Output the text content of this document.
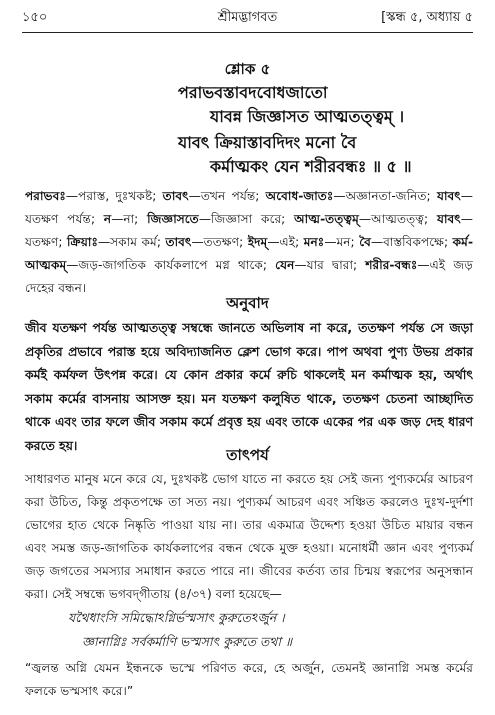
১৫০	শ্রীমদ্ভাগবত	[স্কন্ধ ৫, অধ্যায় ৫
শ্লোক ৫
পরাভবস্তাবদবোধজাতো
যাবন্ন জিজ্ঞাসত আত্মতত্ত্বম্ ।
যাবৎ ক্রিয়াস্তাবদিদং মনো বৈ
কর্মাত্মকং যেন শরীরবন্ধঃ ॥ ৫ ॥
পরাভবঃ—পরাস্ত, দুঃখকষ্ট; তাবৎ—তখন পর্যন্ত; অবোধ-জাতঃ—অজ্ঞানতা-জনিত; যাবৎ—যতক্ষণ পর্যন্ত; ন—না; জিজ্ঞাসতে—জিজ্ঞাসা করে; আত্ম-তত্ত্বম্—আত্মতত্ত্ব; যাবৎ—যতক্ষণ; ক্রিয়াঃ—সকাম কর্ম; তাবৎ—ততক্ষণ; ইদম্—এই; মনঃ—মন; বৈ—বাস্তবিকপক্ষে; কর্ম-আত্মকম্—জড়-জাগতিক কার্যকলাপে মগ্ন থাকে; যেন—যার দ্বারা; শরীর-বন্ধঃ—এই জড় দেহের বন্ধন।
অনুবাদ
জীব যতক্ষণ পর্যন্ত আত্মতত্ত্ব সম্বন্ধে জানতে অভিলাষ না করে, ততক্ষণ পর্যন্ত সে জড়া প্রকৃতির প্রভাবে পরাস্ত হয়ে অবিদ্যাজনিত ক্লেশ ভোগ করে। পাপ অথবা পুণ্য উভয় প্রকার কর্মই কর্মফল উৎপন্ন করে। যে কোন প্রকার কর্মে রুচি থাকলেই মন কর্মাত্মক হয়, অর্থাৎ সকাম কর্মের বাসনায় আসক্ত হয়। মন যতক্ষণ কলুষিত থাকে, ততক্ষণ চেতনা আচ্ছাদিত থাকে এবং তার ফলে জীব সকাম কর্মে প্রবৃত্ত হয় এবং তাকে একের পর এক জড় দেহ ধারণ করতে হয়।
তাৎপর্য
সাধারণত মানুষ মনে করে যে, দুঃখকষ্ট ভোগ যাতে না করতে হয় সেই জন্য পুণ্যকর্মের আচরণ করা উচিত, কিন্তু প্রকৃতপক্ষে তা সত্য নয়। পুণ্যকর্ম আচরণ এবং সঞ্চিত করলেও দুঃখ-দুর্দশা ভোগের হাত থেকে নিষ্কৃতি পাওয়া যায় না। তার একমাত্র উদ্দেশ্য হওয়া উচিত মায়ার বন্ধন এবং সমস্ত জড়-জাগতিক কার্যকলাপের বন্ধন থেকে মুক্ত হওয়া। মনোধর্মী জ্ঞান এবং পুণ্যকর্ম জড় জগতের সমস্যার সমাধান করতে পারে না। জীবের কর্তব্য তার চিন্ময় স্বরূপের অনুসন্ধান করা। সেই সম্বন্ধে ভগবদ্‌গীতায় (৪/৩৭) বলা হয়েছে—
যথৈধাংসি সমিদ্ধোঽগ্নির্ভস্মসাৎ কুরুতেঽর্জুন ।
জ্ঞানাগ্নিঃ সর্বকর্মাণি ভস্মসাৎ কুরুতে তথা ॥
“জ্বলন্ত অগ্নি যেমন ইন্ধনকে ভস্মে পরিণত করে, হে অর্জুন, তেমনই জ্ঞানাগ্নি সমস্ত কর্মের ফলকে ভস্মসাৎ করে।”
